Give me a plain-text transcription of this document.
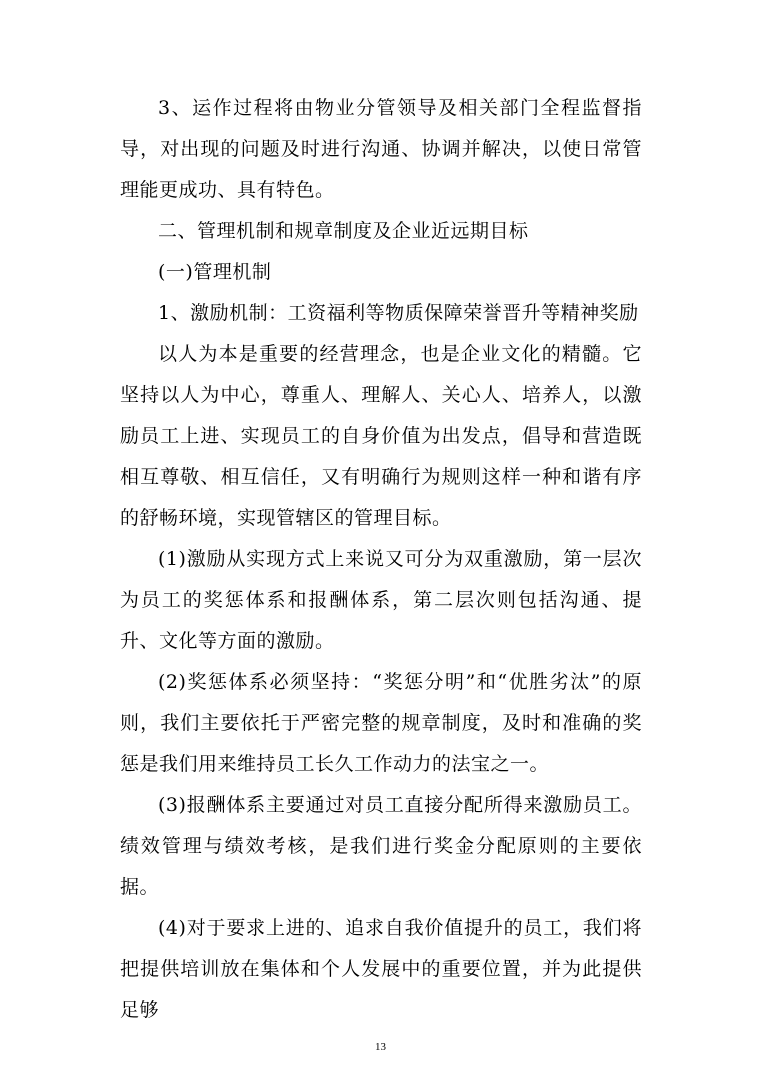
3、运作过程将由物业分管领导及相关部门全程监督指导，对出现的问题及时进行沟通、协调并解决，以使日常管理能更成功、具有特色。

二、管理机制和规章制度及企业近远期目标

(一)管理机制

1、激励机制：工资福利等物质保障荣誉晋升等精神奖励

以人为本是重要的经营理念，也是企业文化的精髓。它坚持以人为中心，尊重人、理解人、关心人、培养人，以激励员工上进、实现员工的自身价值为出发点，倡导和营造既相互尊敬、相互信任，又有明确行为规则这样一种和谐有序的舒畅环境，实现管辖区的管理目标。

(1)激励从实现方式上来说又可分为双重激励，第一层次为员工的奖惩体系和报酬体系，第二层次则包括沟通、提升、文化等方面的激励。

(2)奖惩体系必须坚持：“奖惩分明”和“优胜劣汰”的原则，我们主要依托于严密完整的规章制度，及时和准确的奖惩是我们用来维持员工长久工作动力的法宝之一。

(3)报酬体系主要通过对员工直接分配所得来激励员工。绩效管理与绩效考核，是我们进行奖金分配原则的主要依据。

(4)对于要求上进的、追求自我价值提升的员工，我们将把提供培训放在集体和个人发展中的重要位置，并为此提供足够

13
